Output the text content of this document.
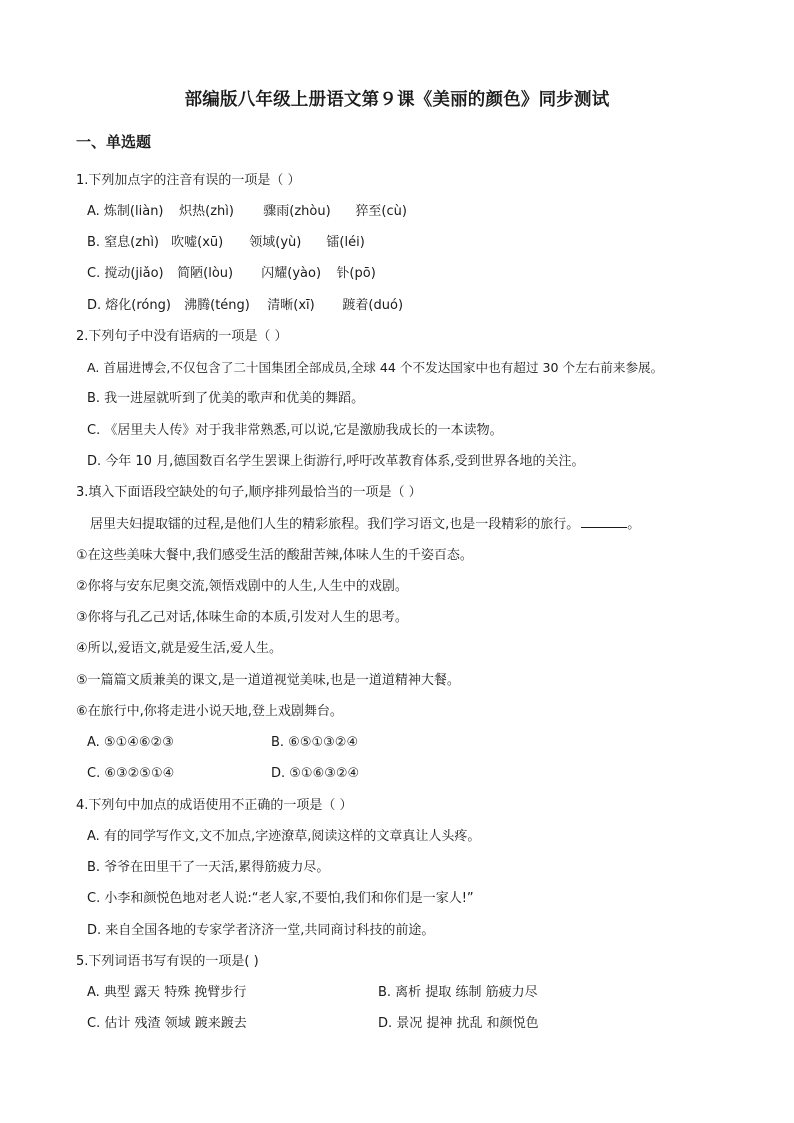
部编版八年级上册语文第９课《美丽的颜色》同步测试
一、单选题
1.下列加点字的注音有误的一项是（ ）
A. 炼制(liàn) 炽热(zhì) 骤雨(zhòu) 猝至(cù)
B. 窒息(zhì) 吹嘘(xū) 领域(yù) 镭(léi)
C. 搅动(jiǎo) 简陋(lòu) 闪耀(yào) 钋(pō)
D. 熔化(róng) 沸腾(téng) 清晰(xī) 踱着(duó)
2.下列句子中没有语病的一项是（ ）
A. 首届进博会,不仅包含了二十国集团全部成员,全球 44 个不发达国家中也有超过 30 个左右前来参展。
B. 我一进屋就听到了优美的歌声和优美的舞蹈。
C. 《居里夫人传》对于我非常熟悉,可以说,它是激励我成长的一本读物。
D. 今年 10 月,德国数百名学生罢课上街游行,呼吁改革教育体系,受到世界各地的关注。
3.填入下面语段空缺处的句子,顺序排列最恰当的一项是（ ）
居里夫妇提取镭的过程,是他们人生的精彩旅程。我们学习语文,也是一段精彩的旅行。	。
①在这些美味大餐中,我们感受生活的酸甜苦辣,体味人生的千姿百态。
②你将与安东尼奥交流,领悟戏剧中的人生,人生中的戏剧。
③你将与孔乙己对话,体味生命的本质,引发对人生的思考。
④所以,爱语文,就是爱生活,爱人生。
⑤一篇篇文质兼美的课文,是一道道视觉美味,也是一道道精神大餐。
⑥在旅行中,你将走进小说天地,登上戏剧舞台。
A. ⑤①④⑥②③	B. ⑥⑤①③②④
C. ⑥③②⑤①④	D. ⑤①⑥③②④
4.下列句中加点的成语使用不正确的一项是（ ）
A. 有的同学写作文,文不加点,字迹潦草,阅读这样的文章真让人头疼。
B. 爷爷在田里干了一天活,累得筋疲力尽。
C. 小李和颜悦色地对老人说:“老人家,不要怕,我们和你们是一家人!”
D. 来自全国各地的专家学者济济一堂,共同商讨科技的前途。
5.下列词语书写有误的一项是( )
A. 典型 露天 特殊 挽臂步行	B. 离析 提取 练制 筋疲力尽
C. 估计 残渣 领域 踱来踱去	D. 景况 提神 扰乱 和颜悦色
